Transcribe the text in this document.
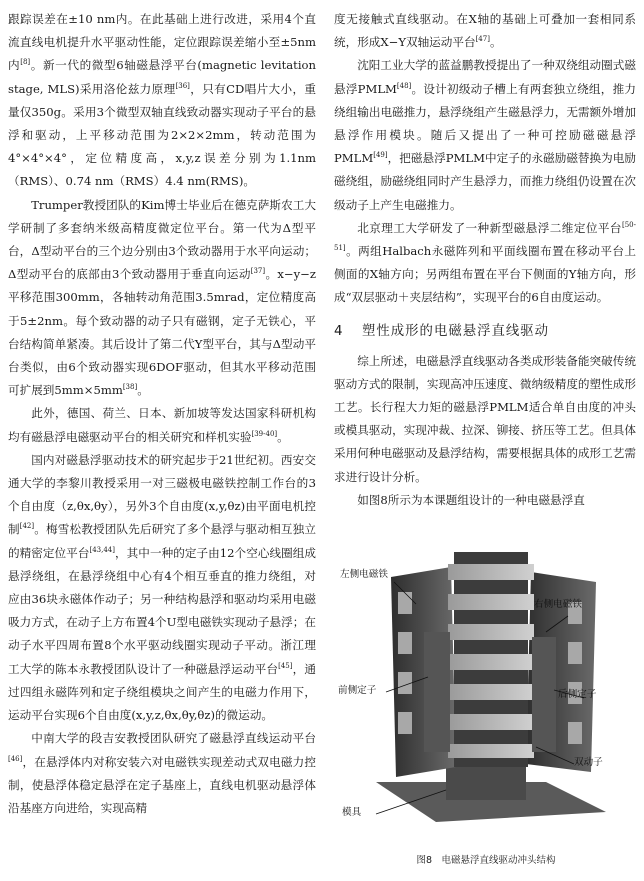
跟踪误差在±10 nm内。在此基础上进行改进，采用4个直流直线电机提升水平驱动性能，定位跟踪误差缩小至±5nm内[8]。新一代的微型6轴磁悬浮平台(magnetic levitation stage, MLS)采用洛伦兹力原理[36]，只有CD唱片大小，重量仅350g。采用3个微型双轴直线致动器实现动子平台的悬浮和驱动，上平移动范围为2×2×2mm，转动范围为4°×4°×4°，定位精度高，x,y,z误差分别为1.1nm（RMS）、0.74 nm（RMS）4.4 nm(RMS)。

Trumper教授团队的Kim博士毕业后在德克萨斯农工大学研制了多套纳米级高精度微定位平台。第一代为Δ型平台，Δ型动平台的三个边分别由3个致动器用于水平向运动；Δ型动平台的底部由3个致动器用于垂直向运动[37]。x−y−z平移范围300mm，各轴转动角范围3.5mrad，定位精度高于5±2nm。每个致动器的动子只有磁钢，定子无铁心，平台结构简单紧凑。其后设计了第二代Y型平台，其与Δ型动平台类似，由6个致动器实现6DOF驱动，但其水平移动范围可扩展到5mm×5mm[38]。

此外，德国、荷兰、日本、新加坡等发达国家科研机构均有磁悬浮电磁驱动平台的相关研究和样机实验[39-40]。

国内对磁悬浮驱动技术的研究起步于21世纪初。西安交通大学的李黎川教授采用一对三磁极电磁铁控制工作台的3个自由度（z,θx,θy），另外3个自由度(x,y,θz)由平面电机控制[42]。梅雪松教授团队先后研究了多个悬浮与驱动相互独立的精密定位平台[43,44]，其中一种的定子由12个空心线圈组成悬浮绕组，在悬浮绕组中心有4个相互垂直的推力绕组，对应由36块永磁体作动子；另一种结构悬浮和驱动均采用电磁吸力方式，在动子上方布置4个U型电磁铁实现动子悬浮；在动子水平四周布置8个水平驱动线圈实现动子平动。浙江理工大学的陈本永教授团队设计了一种磁悬浮运动平台[45]，通过四组永磁阵列和定子绕组模块之间产生的电磁力作用下，运动平台实现6个自由度(x,y,z,θx,θy,θz)的微运动。

中南大学的段吉安教授团队研究了磁悬浮直线运动平台[46]，在悬浮体内对称安装六对电磁铁实现差动式双电磁力控制，使悬浮体稳定悬浮在定子基座上，直线电机驱动悬浮体沿基座方向进给，实现高精

度无接触式直线驱动。在X轴的基础上可叠加一套相同系统，形成X−Y双轴运动平台[47]。

沈阳工业大学的蓝益鹏教授提出了一种双绕组动圈式磁悬浮PMLM[48]。设计初级动子槽上有两套独立绕组，推力绕组输出电磁推力，悬浮绕组产生磁悬浮力，无需额外增加悬浮作用模块。随后又提出了一种可控励磁磁悬浮PMLM[49]，把磁悬浮PMLM中定子的永磁励磁替换为电励磁绕组，励磁绕组同时产生悬浮力，而推力绕组仍设置在次级动子上产生电磁推力。

北京理工大学研发了一种新型磁悬浮二维定位平台[50-51]。两组Halbach永磁阵列和平面线圈布置在移动平台上侧面的X轴方向；另两组布置在平台下侧面的Y轴方向，形成“双层驱动＋夹层结构”，实现平台的6自由度运动。

4 塑性成形的电磁悬浮直线驱动

综上所述，电磁悬浮直线驱动各类成形装备能突破传统驱动方式的限制，实现高冲压速度、微纳级精度的塑性成形工艺。长行程大力矩的磁悬浮PMLM适合单自由度的冲头或模具驱动，实现冲裁、拉深、铆接、挤压等工艺。但具体采用何种电磁驱动及悬浮结构，需要根据具体的成形工艺需求进行设计分析。

如图8所示为本课题组设计的一种电磁悬浮直

左侧电磁铁
右侧电磁铁
前侧定子	后侧定子
双动子
模具
图8　电磁悬浮直线驱动冲头结构
